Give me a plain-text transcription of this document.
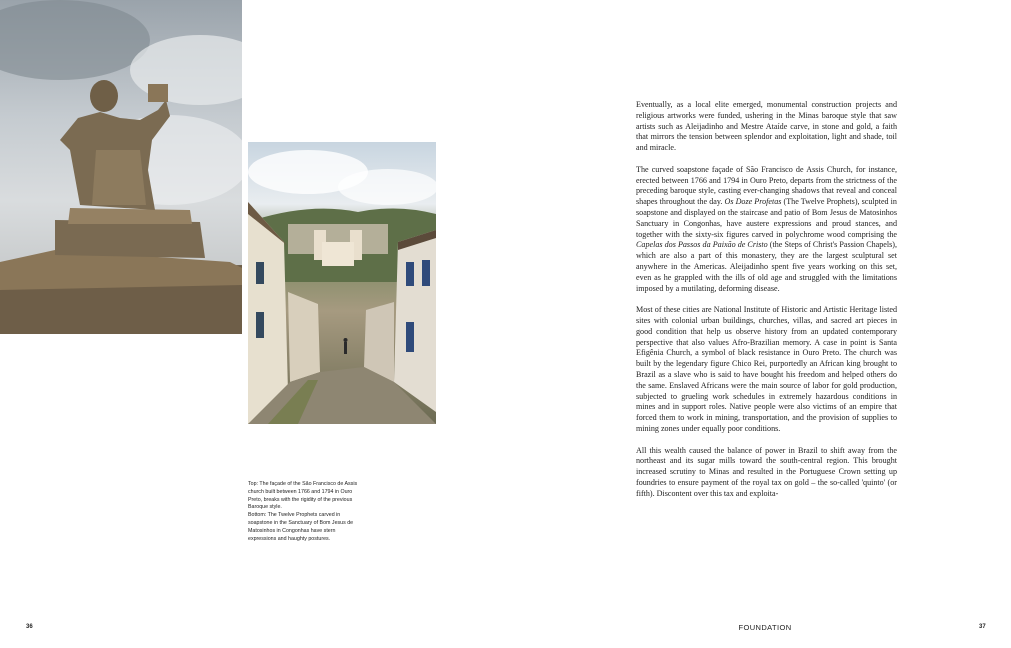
Top: The façade of the São Francisco de Assis church built between 1766 and 1794 in Ouro Preto, breaks with the rigidity of the previous Baroque style.

Bottom: The Twelve Prophets carved in soapstone in the Sanctuary of Bom Jesus de Matosinhos in Congonhas have stern expressions and haughty postures.

Eventually, as a local elite emerged, monumental construction projects and religious artworks were funded, ushering in the Minas baroque style that saw artists such as Aleijadinho and Mestre Ataíde carve, in stone and gold, a faith that mirrors the tension between splendor and exploitation, light and shade, toil and miracle.

The curved soapstone façade of São Francisco de Assis Church, for instance, erected between 1766 and 1794 in Ouro Preto, departs from the strictness of the preceding baroque style, casting ever-changing shadows that reveal and conceal shapes throughout the day. Os Doze Profetas (The Twelve Prophets), sculpted in soapstone and displayed on the staircase and patio of Bom Jesus de Matosinhos Sanctuary in Congonhas, have austere expressions and proud stances, and together with the sixty-six figures carved in polychrome wood comprising the Capelas dos Passos da Paixão de Cristo (the Steps of Christ's Passion Chapels), which are also a part of this monastery, they are the largest sculptural set anywhere in the Americas. Aleijadinho spent five years working on this set, even as he grappled with the ills of old age and struggled with the limitations imposed by a mutilating, deforming disease.

Most of these cities are National Institute of Historic and Artistic Heritage listed sites with colonial urban buildings, churches, villas, and sacred art pieces in good condition that help us observe history from an updated contemporary perspective that also values Afro-Brazilian memory. A case in point is Santa Efigênia Church, a symbol of black resistance in Ouro Preto. The church was built by the legendary figure Chico Rei, purportedly an African king brought to Brazil as a slave who is said to have bought his freedom and helped others do the same. Enslaved Africans were the main source of labor for gold production, subjected to grueling work schedules in extremely hazardous conditions in mines and in support roles. Native people were also victims of an empire that forced them to work in mining, transportation, and the provision of supplies to mining zones under equally poor conditions.

All this wealth caused the balance of power in Brazil to shift away from the northeast and its sugar mills toward the south-central region. This brought increased scrutiny to Minas and resulted in the Portuguese Crown setting up foundries to ensure payment of the royal tax on gold – the so-called 'quinto' (or fifth). Discontent over this tax and exploita-

36	FOUNDATION	37
